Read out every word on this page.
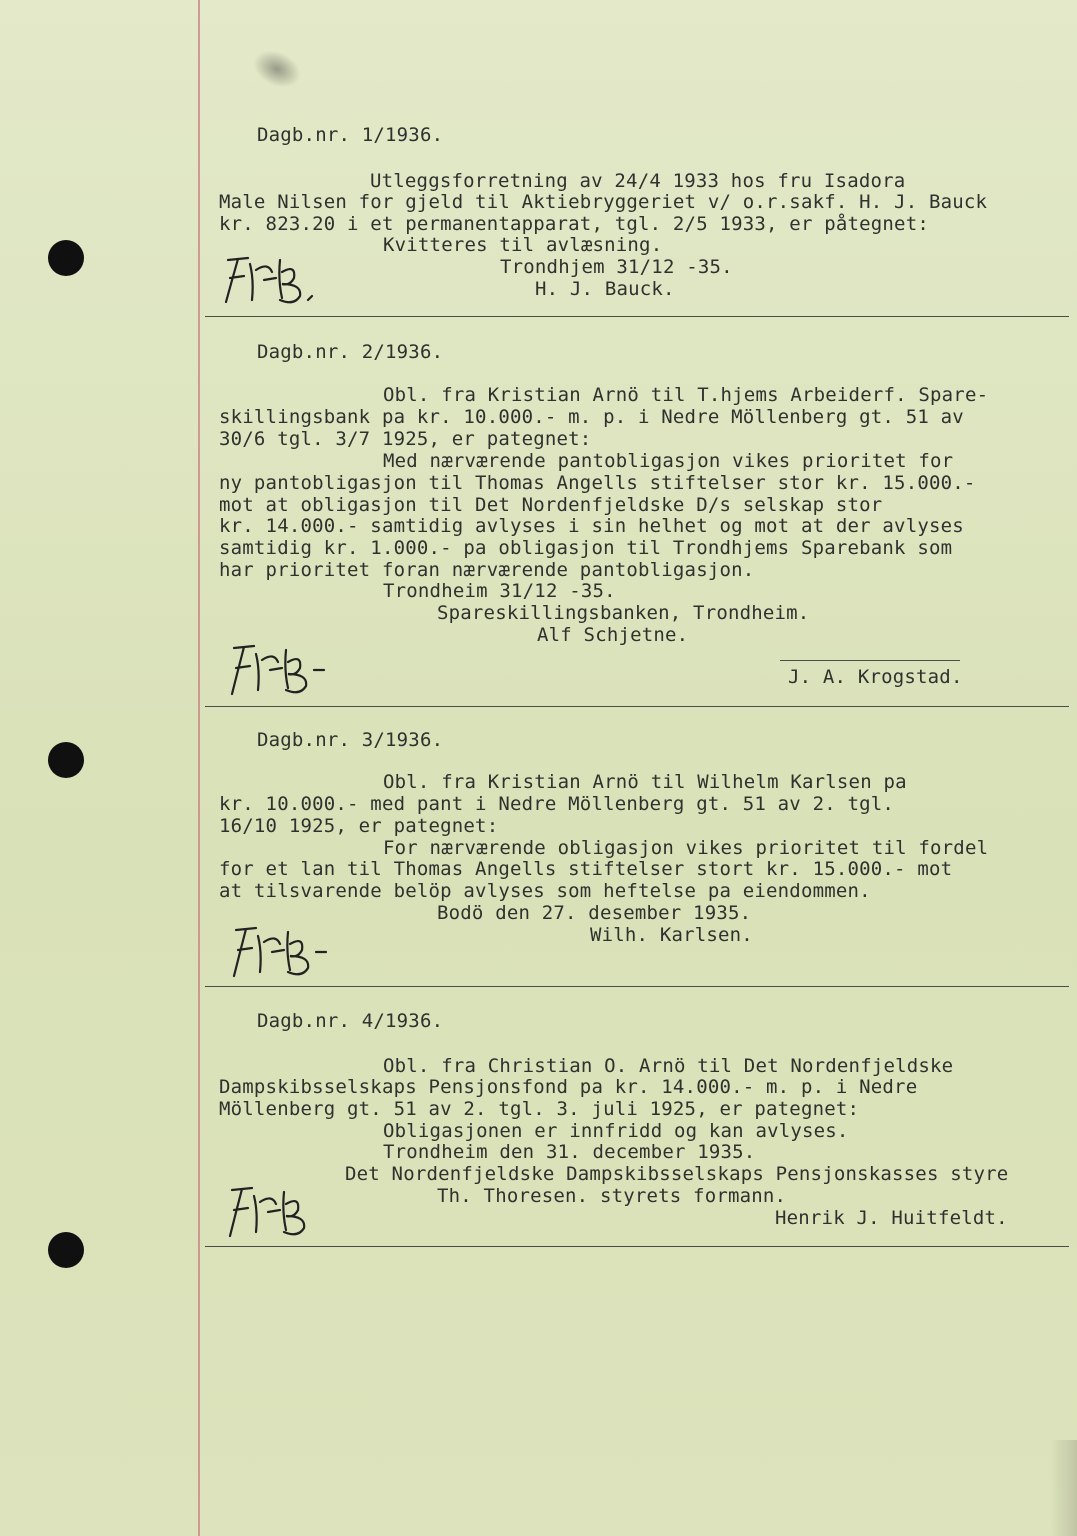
Dagb.nr. 1/1936.
Utleggsforretning av 24/4 1933 hos fru Isadora
Male Nilsen for gjeld til Aktiebryggeriet v/ o.r.sakf. H. J. Bauck
kr. 823.20 i et permanentapparat, tgl. 2/5 1933, er påtegnet:
Kvitteres til avlæsning.
Trondhjem 31/12 -35.
H. J. Bauck.
Dagb.nr. 2/1936.
Obl. fra Kristian Arnö til T.hjems Arbeiderf. Spare-
skillingsbank pa kr. 10.000.- m. p. i Nedre Möllenberg gt. 51 av
30/6 tgl. 3/7 1925, er pategnet:
Med nærværende pantobligasjon vikes prioritet for
ny pantobligasjon til Thomas Angells stiftelser stor kr. 15.000.-
mot at obligasjon til Det Nordenfjeldske D/s selskap stor
kr. 14.000.- samtidig avlyses i sin helhet og mot at der avlyses
samtidig kr. 1.000.- pa obligasjon til Trondhjems Sparebank som
har prioritet foran nærværende pantobligasjon.
Trondheim 31/12 -35.
Spareskillingsbanken, Trondheim.
Alf Schjetne.
J. A. Krogstad.
Dagb.nr. 3/1936.
Obl. fra Kristian Arnö til Wilhelm Karlsen pa
kr. 10.000.- med pant i Nedre Möllenberg gt. 51 av 2. tgl.
16/10 1925, er pategnet:
For nærværende obligasjon vikes prioritet til fordel
for et lan til Thomas Angells stiftelser stort kr. 15.000.- mot
at tilsvarende belöp avlyses som heftelse pa eiendommen.
Bodö den 27. desember 1935.
Wilh. Karlsen.
Dagb.nr. 4/1936.
Obl. fra Christian O. Arnö til Det Nordenfjeldske
Dampskibsselskaps Pensjonsfond pa kr. 14.000.- m. p. i Nedre
Möllenberg gt. 51 av 2. tgl. 3. juli 1925, er pategnet:
Obligasjonen er innfridd og kan avlyses.
Trondheim den 31. december 1935.
Det Nordenfjeldske Dampskibsselskaps Pensjonskasses styre
Th. Thoresen. styrets formann.
Henrik J. Huitfeldt.
